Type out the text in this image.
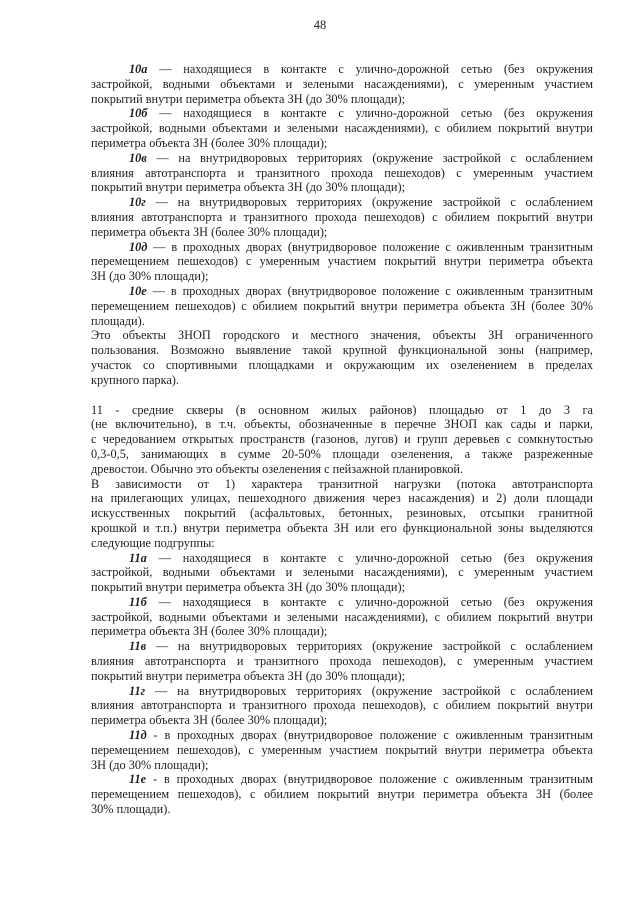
48
10а — находящиеся в контакте с улично-дорожной сетью (без окружения
застройкой, водными объектами и зелеными насаждениями), с умеренным участием
покрытий внутри периметра объекта ЗН (до 30% площади);
10б — находящиеся в контакте с улично-дорожной сетью (без окружения
застройкой, водными объектами и зелеными насаждениями), с обилием покрытий внутри
периметра объекта ЗН (более 30% площади);
10в — на внутридворовых территориях (окружение застройкой с ослаблением
влияния автотранспорта и транзитного прохода пешеходов) с умеренным участием
покрытий внутри периметра объекта ЗН (до 30% площади);
10г — на внутридворовых территориях (окружение застройкой с ослаблением
влияния автотранспорта и транзитного прохода пешеходов) с обилием покрытий внутри
периметра объекта ЗН (более 30% площади);
10д — в проходных дворах (внутридворовое положение с оживленным транзитным
перемещением пешеходов) с умеренным участием покрытий внутри периметра объекта
ЗН (до 30% площади);
10е — в проходных дворах (внутридворовое положение с оживленным транзитным
перемещением пешеходов) с обилием покрытий внутри периметра объекта ЗН (более 30%
площади).
Это объекты ЗНОП городского и местного значения, объекты ЗН ограниченного
пользования. Возможно выявление такой крупной функциональной зоны (например,
участок со спортивными площадками и окружающим их озеленением в пределах
крупного парка).
11 - средние скверы (в основном жилых районов) площадью от 1 до 3 га
(не включительно), в т.ч. объекты, обозначенные в перечне ЗНОП как сады и парки,
с чередованием открытых пространств (газонов, лугов) и групп деревьев с сомкнутостью
0,3-0,5, занимающих в сумме 20-50% площади озеленения, а также разреженные
древостои. Обычно это объекты озеленения с пейзажной планировкой.
В зависимости от 1) характера транзитной нагрузки (потока автотранспорта
на прилегающих улицах, пешеходного движения через насаждения) и 2) доли площади
искусственных покрытий (асфальтовых, бетонных, резиновых, отсыпки гранитной
крошкой и т.п.) внутри периметра объекта ЗН или его функциональной зоны выделяются
следующие подгруппы:
11а — находящиеся в контакте с улично-дорожной сетью (без окружения
застройкой, водными объектами и зелеными насаждениями), с умеренным участием
покрытий внутри периметра объекта ЗН (до 30% площади);
11б — находящиеся в контакте с улично-дорожной сетью (без окружения
застройкой, водными объектами и зелеными насаждениями), с обилием покрытий внутри
периметра объекта ЗН (более 30% площади);
11в — на внутридворовых территориях (окружение застройкой с ослаблением
влияния автотранспорта и транзитного прохода пешеходов), с умеренным участием
покрытий внутри периметра объекта ЗН (до 30% площади);
11г — на внутридворовых территориях (окружение застройкой с ослаблением
влияния автотранспорта и транзитного прохода пешеходов), с обилием покрытий внутри
периметра объекта ЗН (более 30% площади);
11д - в проходных дворах (внутридворовое положение с оживленным транзитным
перемещением пешеходов), с умеренным участием покрытий внутри периметра объекта
ЗН (до 30% площади);
11е - в проходных дворах (внутридворовое положение с оживленным транзитным
перемещением пешеходов), с обилием покрытий внутри периметра объекта ЗН (более
30% площади).
